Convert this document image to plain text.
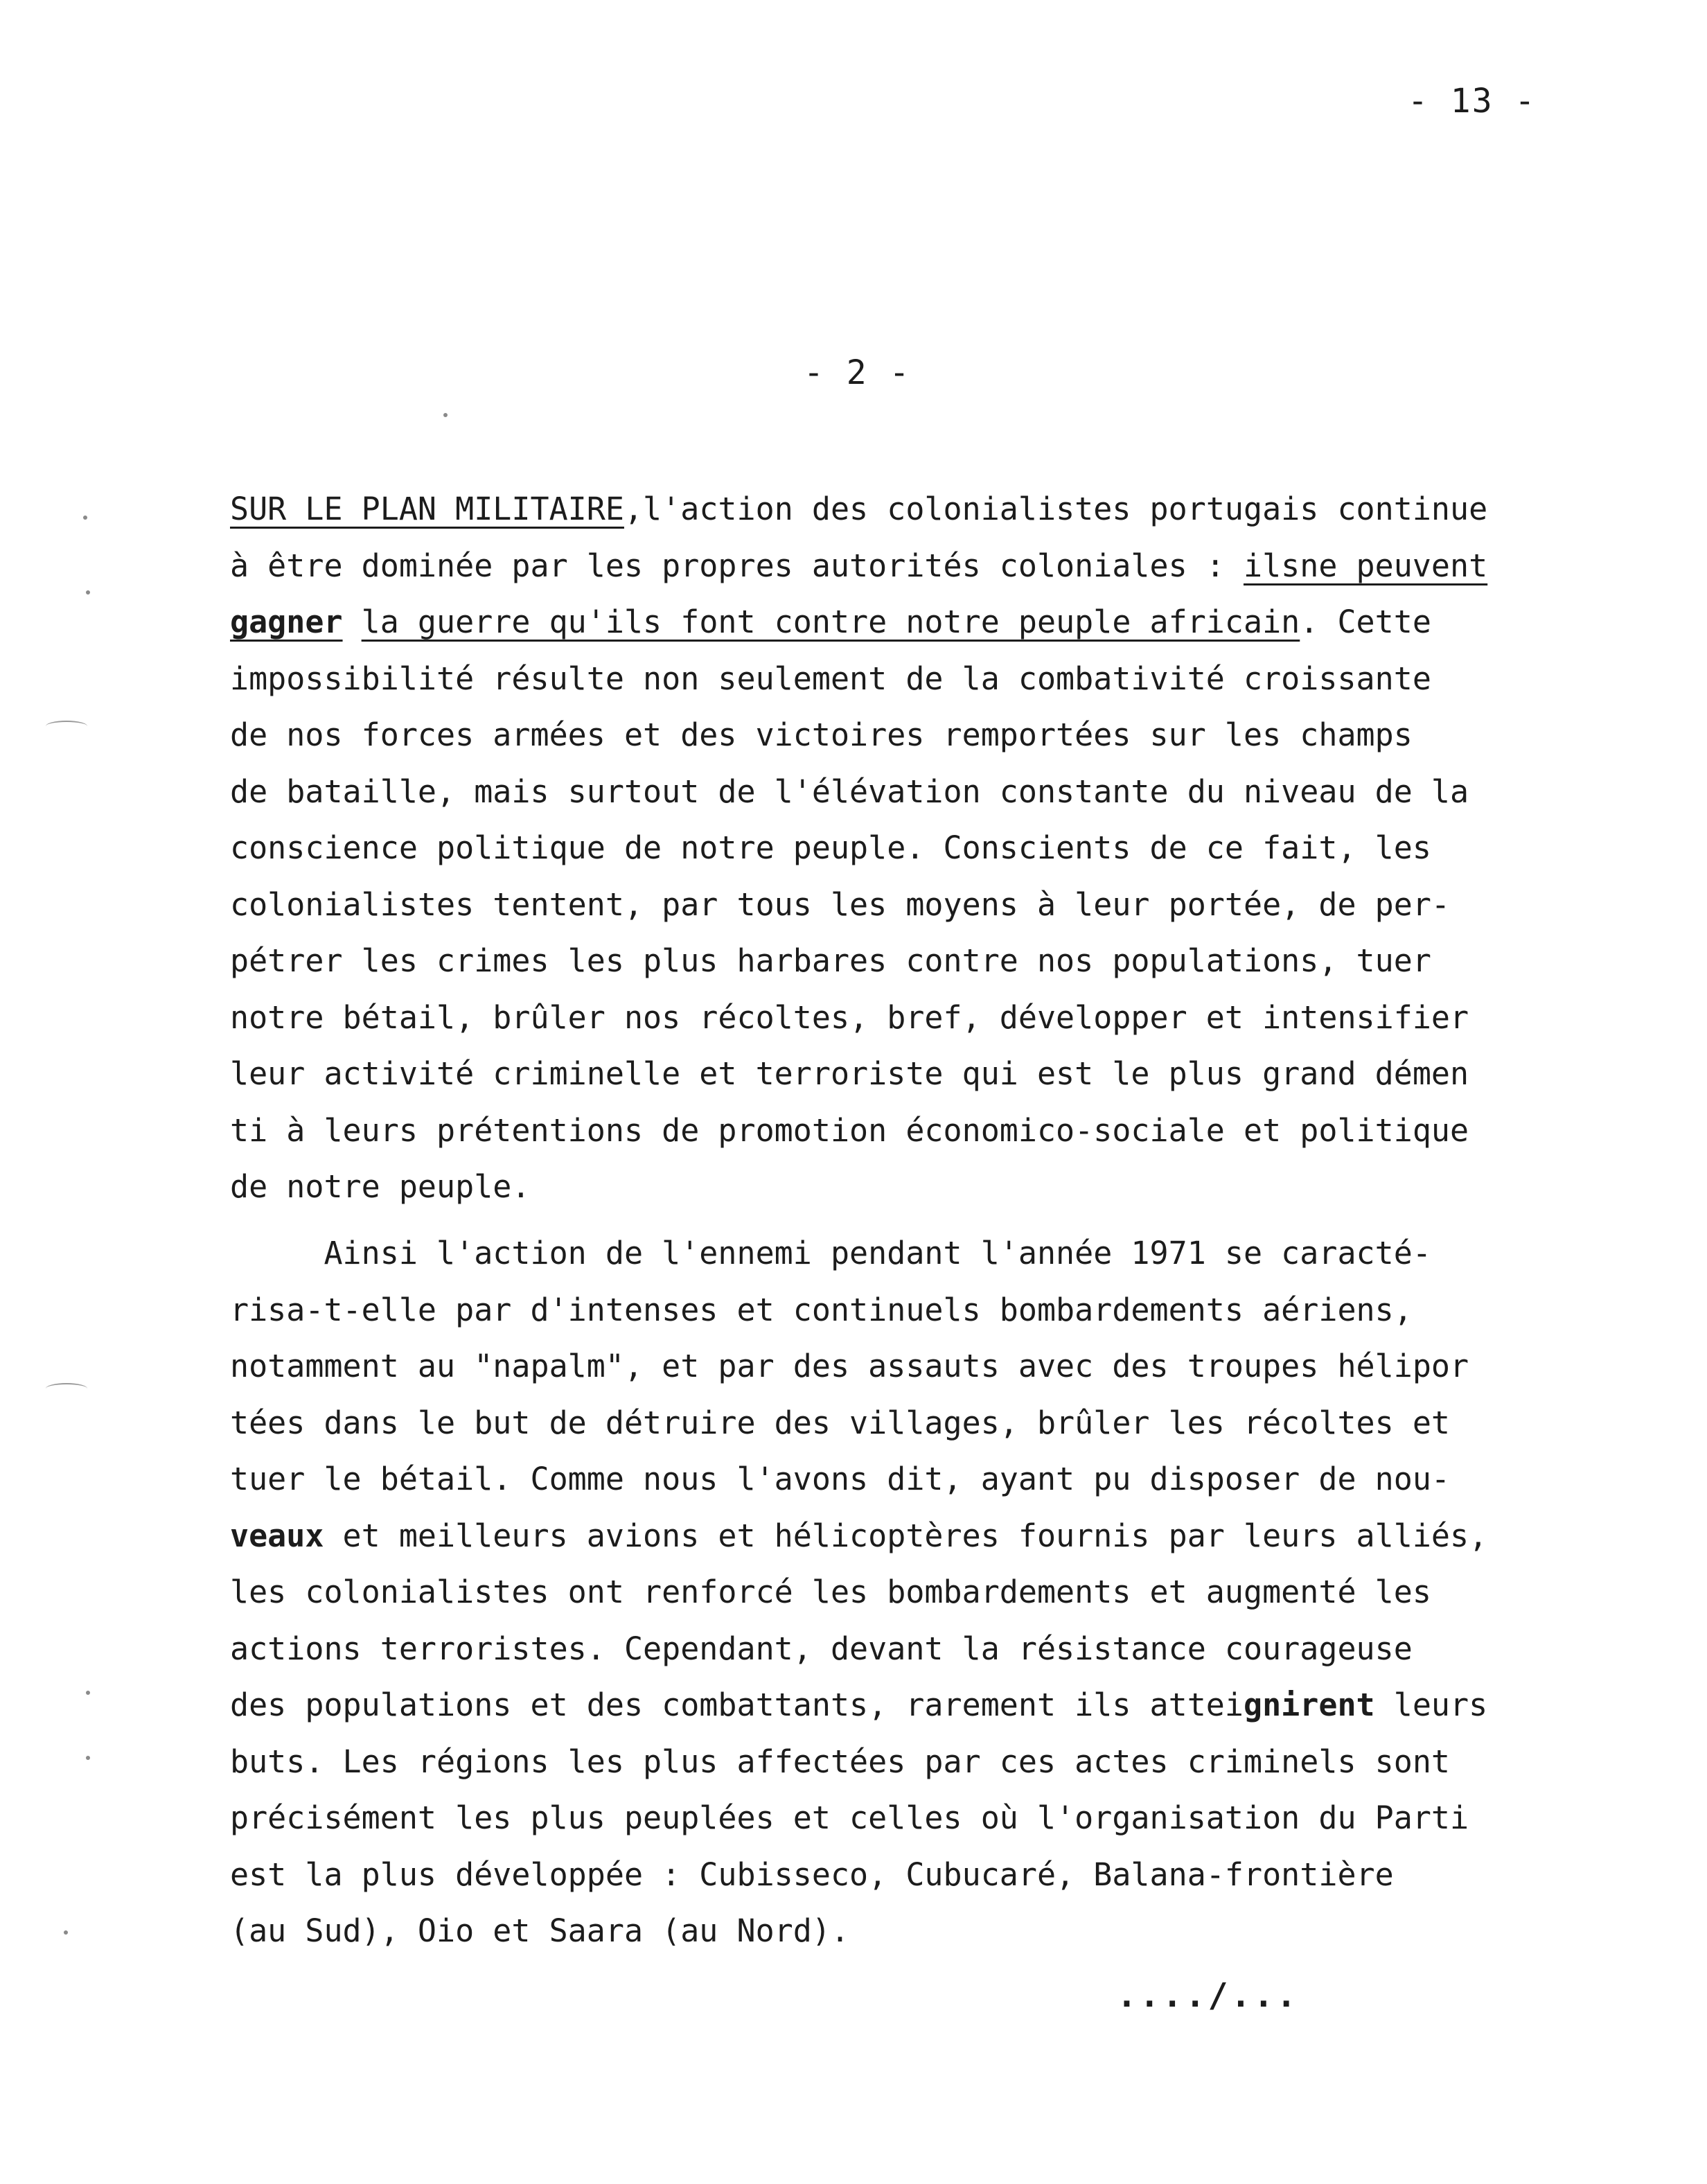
- 13 -
- 2 -
SUR LE PLAN MILITAIRE,l'action des colonialistes portugais continue
à être dominée par les propres autorités coloniales : ilsne peuvent
gagner la guerre qu'ils font contre notre peuple africain. Cette
impossibilité résulte non seulement de la combativité croissante
de nos forces armées et des victoires remportées sur les champs
de bataille, mais surtout de l'élévation constante du niveau de la
conscience politique de notre peuple. Conscients de ce fait, les
colonialistes tentent, par tous les moyens à leur portée, de per-
pétrer les crimes les plus harbares contre nos populations, tuer
notre bétail, brûler nos récoltes, bref, développer et intensifier
leur activité criminelle et terroriste qui est le plus grand démen
ti à leurs prétentions de promotion économico-sociale et politique
de notre peuple.
Ainsi l'action de l'ennemi pendant l'année 1971 se caracté-
risa-t-elle par d'intenses et continuels bombardements aériens,
notamment au "napalm", et par des assauts avec des troupes hélipor
tées dans le but de détruire des villages, brûler les récoltes et
tuer le bétail. Comme nous l'avons dit, ayant pu disposer de nou-
veaux et meilleurs avions et hélicoptères fournis par leurs alliés,
les colonialistes ont renforcé les bombardements et augmenté les
actions terroristes. Cependant, devant la résistance courageuse
des populations et des combattants, rarement ils atteignirent leurs
buts. Les régions les plus affectées par ces actes criminels sont
précisément les plus peuplées et celles où l'organisation du Parti
est la plus développée : Cubisseco, Cubucaré, Balana-frontière
(au Sud), Oio et Saara (au Nord).
..../...
